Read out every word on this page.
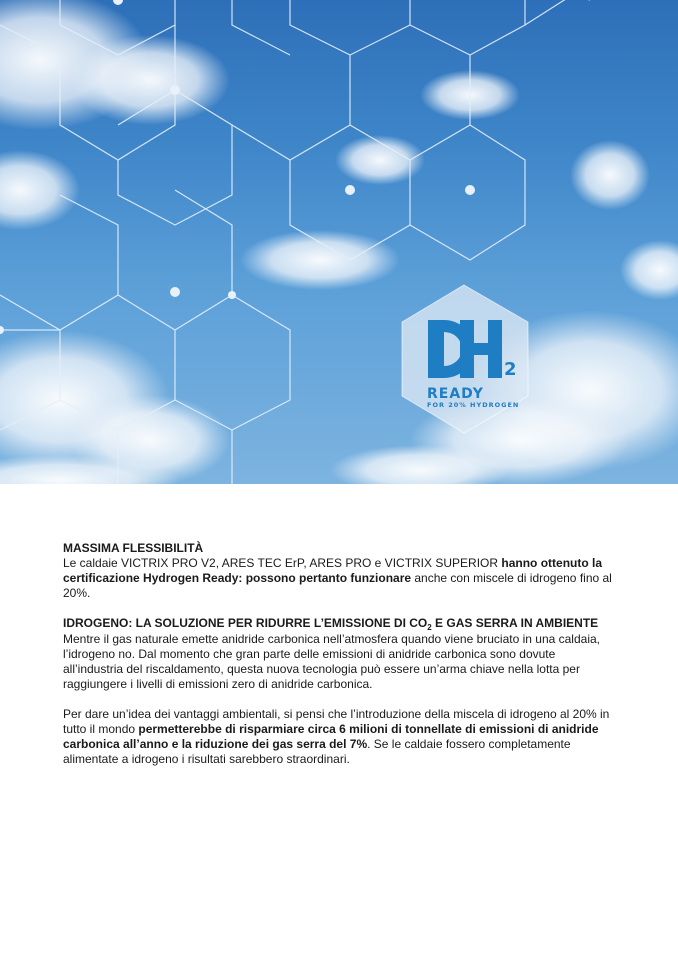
2
READY
FOR 20% HYDROGEN

MASSIMA FLESSIBILITÀ

Le caldaie VICTRIX PRO V2, ARES TEC ErP, ARES PRO e VICTRIX SUPERIOR hanno ottenuto la certificazione Hydrogen Ready: possono pertanto funzionare anche con miscele di idrogeno fino al 20%.

IDROGENO: LA SOLUZIONE PER RIDURRE L’EMISSIONE DI $CO_2$ E GAS SERRA IN AMBIENTE

Mentre il gas naturale emette anidride carbonica nell’atmosfera quando viene bruciato in una caldaia, l’idrogeno no. Dal momento che gran parte delle emissioni di anidride carbonica sono dovute all’industria del riscaldamento, questa nuova tecnologia può essere un’arma chiave nella lotta per raggiungere i livelli di emissioni zero di anidride carbonica.

Per dare un’idea dei vantaggi ambientali, si pensi che l’introduzione della miscela di idrogeno al 20% in tutto il mondo permetterebbe di risparmiare circa 6 milioni di tonnellate di emissioni di anidride carbonica all’anno e la riduzione dei gas serra del 7%. Se le caldaie fossero completamente alimentate a idrogeno i risultati sarebbero straordinari.
